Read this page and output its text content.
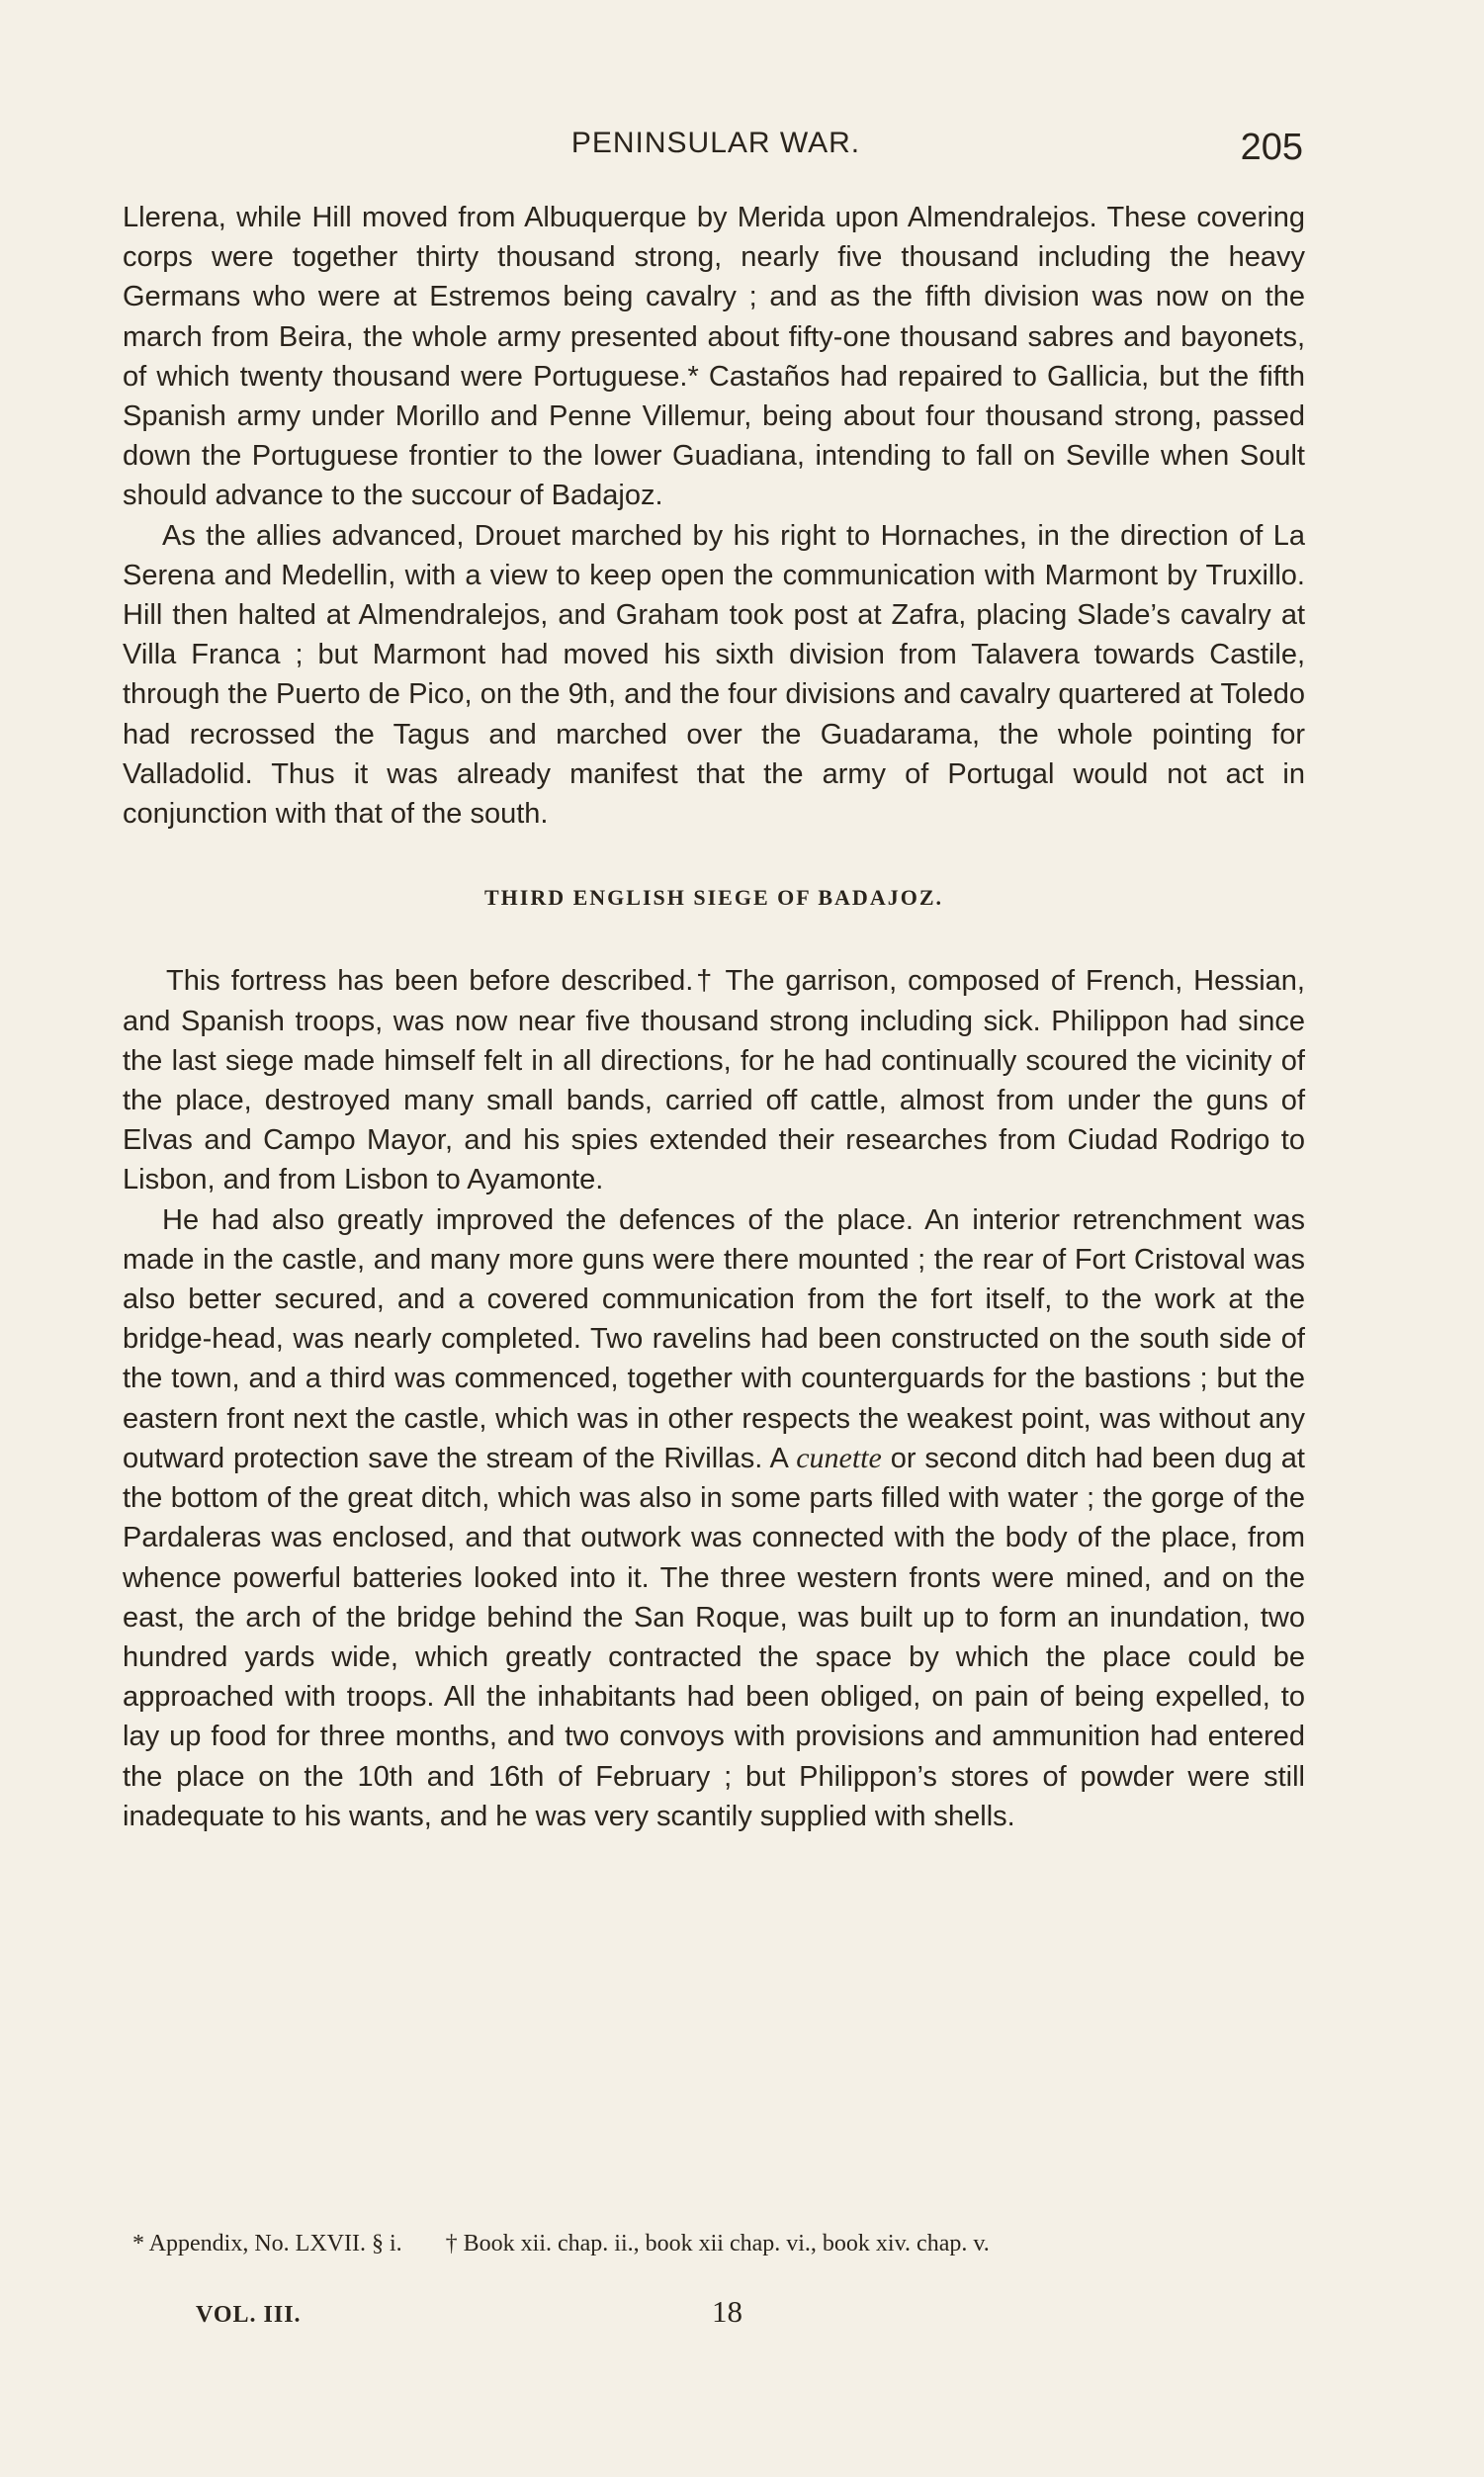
PENINSULAR WAR.	205

Llerena, while Hill moved from Albuquerque by Merida upon Almendralejos. These covering corps were together thirty thousand strong, nearly five thousand including the heavy Germans who were at Estremos being cavalry ; and as the fifth division was now on the march from Beira, the whole army presented about fifty-one thousand sabres and bayonets, of which twenty thousand were Portuguese.* Castaños had repaired to Gallicia, but the fifth Spanish army under Morillo and Penne Villemur, being about four thousand strong, passed down the Portuguese frontier to the lower Guadiana, intending to fall on Seville when Soult should advance to the succour of Badajoz.

As the allies advanced, Drouet marched by his right to Hornaches, in the direction of La Serena and Medellin, with a view to keep open the communication with Marmont by Truxillo. Hill then halted at Almendralejos, and Graham took post at Zafra, placing Slade’s cavalry at Villa Franca ; but Marmont had moved his sixth division from Talavera towards Castile, through the Puerto de Pico, on the 9th, and the four divisions and cavalry quartered at Toledo had recrossed the Tagus and marched over the Guadarama, the whole pointing for Valladolid. Thus it was already manifest that the army of Portugal would not act in conjunction with that of the south.

THIRD ENGLISH SIEGE OF BADAJOZ.

This fortress has been before described.† The garrison, composed of French, Hessian, and Spanish troops, was now near five thousand strong including sick. Philippon had since the last siege made himself felt in all directions, for he had continually scoured the vicinity of the place, destroyed many small bands, carried off cattle, almost from under the guns of Elvas and Campo Mayor, and his spies extended their researches from Ciudad Rodrigo to Lisbon, and from Lisbon to Ayamonte.

He had also greatly improved the defences of the place. An interior retrenchment was made in the castle, and many more guns were there mounted ; the rear of Fort Cristoval was also better secured, and a covered communication from the fort itself, to the work at the bridge-head, was nearly completed. Two ravelins had been constructed on the south side of the town, and a third was commenced, together with counterguards for the bastions ; but the eastern front next the castle, which was in other respects the weakest point, was without any outward protection save the stream of the Rivillas. A cunette or second ditch had been dug at the bottom of the great ditch, which was also in some parts filled with water ; the gorge of the Pardaleras was enclosed, and that outwork was connected with the body of the place, from whence powerful batteries looked into it. The three western fronts were mined, and on the east, the arch of the bridge behind the San Roque, was built up to form an inundation, two hundred yards wide, which greatly contracted the space by which the place could be approached with troops. All the inhabitants had been obliged, on pain of being expelled, to lay up food for three months, and two convoys with provisions and ammunition had entered the place on the 10th and 16th of February ; but Philippon’s stores of powder were still inadequate to his wants, and he was very scantily supplied with shells.

* Appendix, No. LXVII. § i. † Book xii. chap. ii., book xii chap. vi., book xiv. chap. v.
VOL. III.	18
